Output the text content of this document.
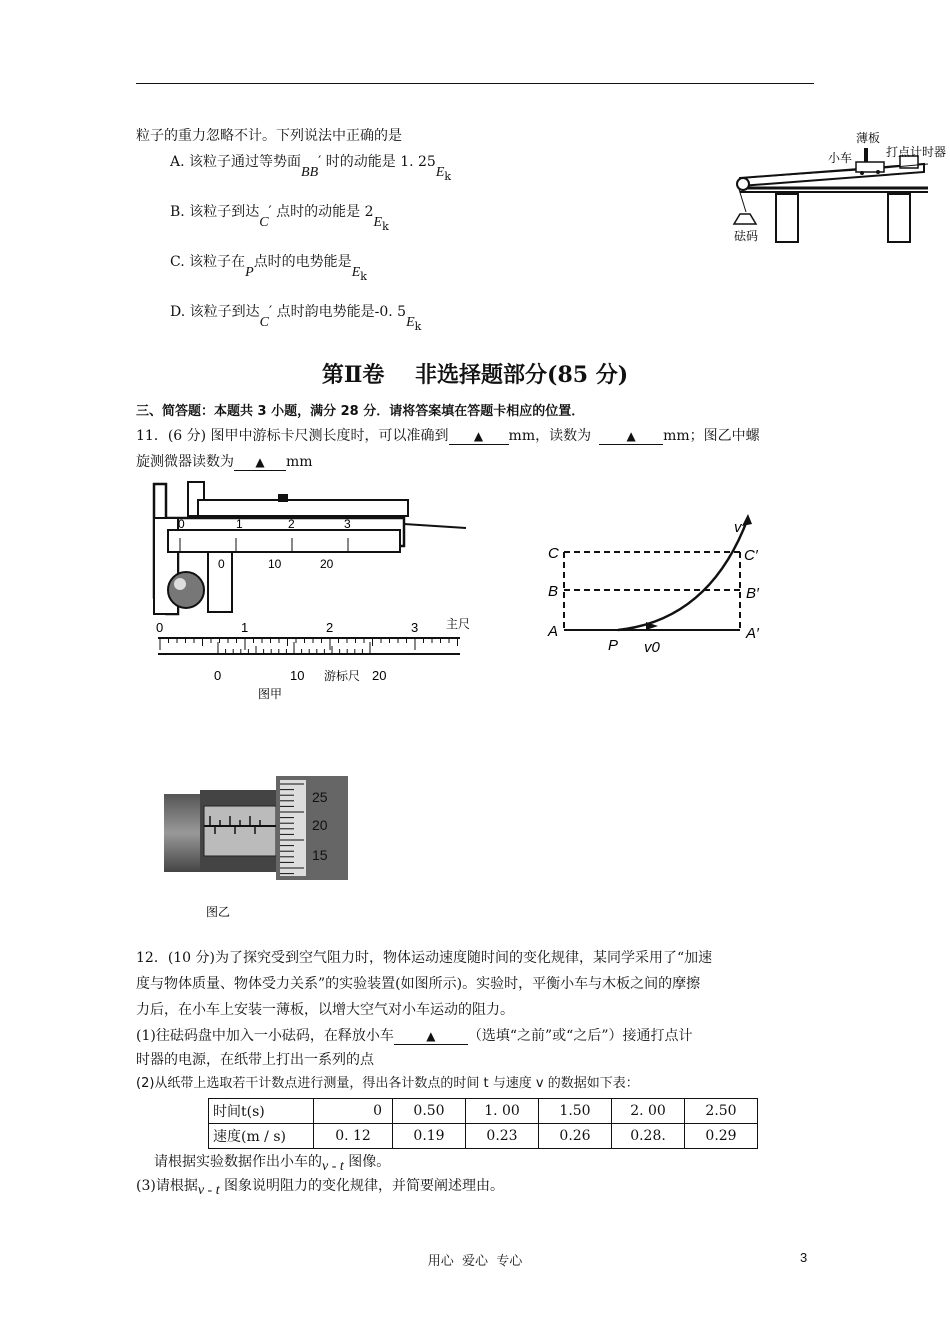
粒子的重力忽略不计。下列说法中正确的是
A. 该粒子通过等势面BB′ 时的动能是 1. $25E_k$
B. 该粒子到达C′ 点时的动能是 $2E_k$
C. 该粒子在P点时的电势能是$E_k$
D. 该粒子到达C′ 点时韵电势能是-0. $5E_k$
薄板
小车	打点计时器
砝码
第Ⅱ卷    非选择题部分(85 分)
三、简答题：本题共 3 小题，满分 28 分．请将答案填在答题卡相应的位置．
11．(6 分) 图甲中游标卡尺测长度时，可以准确到 ▲ mm，读数为	▲ mm；图乙中螺
旋测微器读数为 ▲ mm
0	1	2	3
0	10	20
0	1	2	3 主尺
0	10 游标尺 20
图甲
v
C	C′
B	B′
A	A′
P v0
25
20
15
图乙
12．(10 分)为了探究受到空气阻力时，物体运动速度随时间的变化规律，某同学采用了“加速
度与物体质量、物体受力关系”的实验装置(如图所示)。实验时，平衡小车与木板之间的摩擦
力后，在小车上安装一薄板，以增大空气对小车运动的阻力。
(1)往砝码盘中加入一小砝码，在释放小车	▲ （选填“之前”或“之后”）接通打点计
时器的电源，在纸带上打出一系列的点
(2)从纸带上选取若干计数点进行测量，得出各计数点的时间 t 与速度 v 的数据如下表：
时间t(s)	0	0.50	1. 00	1.50	2. 00	2.50
速度(m / s)	0. 12	0.19	0.23	0.26	0.28.	0.29
请根据实验数据作出小车的v - t 图像。
(3)请根据v - t 图象说明阻力的变化规律，并简要阐述理由。
用心  爱心  专心	3
